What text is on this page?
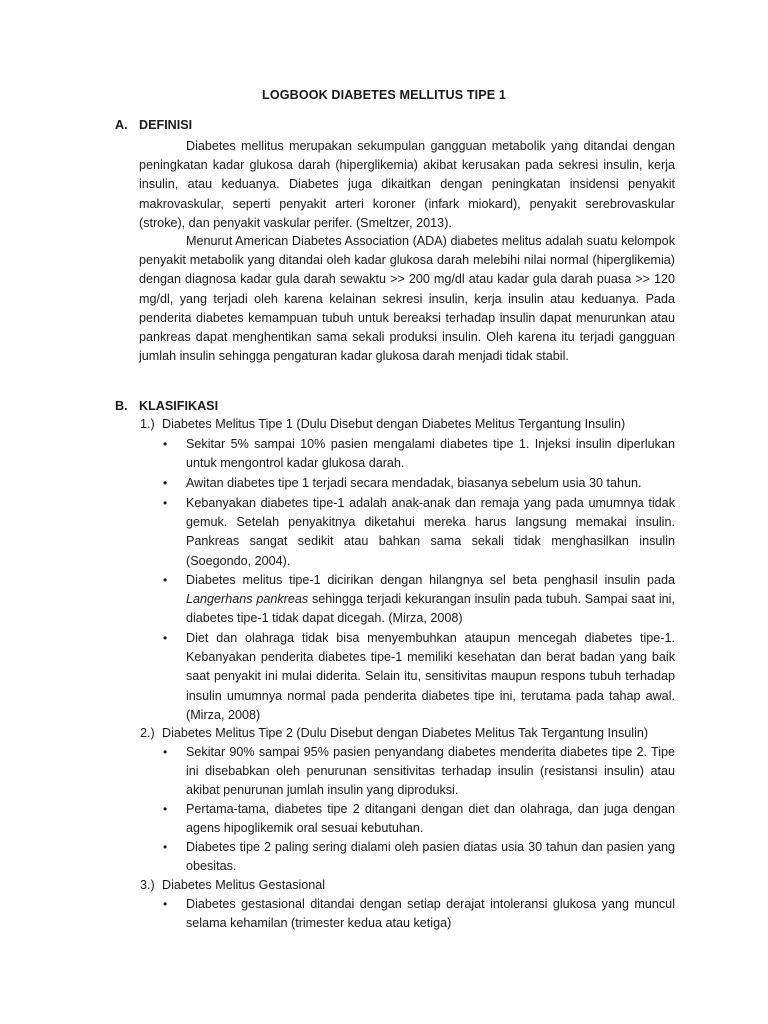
LOGBOOK DIABETES MELLITUS TIPE 1
A. DEFINISI

Diabetes mellitus merupakan sekumpulan gangguan metabolik yang ditandai dengan peningkatan kadar glukosa darah (hiperglikemia) akibat kerusakan pada sekresi insulin, kerja insulin, atau keduanya. Diabetes juga dikaitkan dengan peningkatan insidensi penyakit makrovaskular, seperti penyakit arteri koroner (infark miokard), penyakit serebrovaskular (stroke), dan penyakit vaskular perifer. (Smeltzer, 2013).

Menurut American Diabetes Association (ADA) diabetes melitus adalah suatu kelompok penyakit metabolik yang ditandai oleh kadar glukosa darah melebihi nilai normal (hiperglikemia) dengan diagnosa kadar gula darah sewaktu >> 200 mg/dl atau kadar gula darah puasa >> 120 mg/dl, yang terjadi oleh karena kelainan sekresi insulin, kerja insulin atau keduanya. Pada penderita diabetes kemampuan tubuh untuk bereaksi terhadap insulin dapat menurunkan atau pankreas dapat menghentikan sama sekali produksi insulin. Oleh karena itu terjadi gangguan jumlah insulin sehingga pengaturan kadar glukosa darah menjadi tidak stabil.

B. KLASIFIKASI
1.) Diabetes Melitus Tipe 1 (Dulu Disebut dengan Diabetes Melitus Tergantung Insulin)
•	Sekitar 5% sampai 10% pasien mengalami diabetes tipe 1. Injeksi insulin diperlukan untuk mengontrol kadar glukosa darah.
•	Awitan diabetes tipe 1 terjadi secara mendadak, biasanya sebelum usia 30 tahun.
•	Kebanyakan diabetes tipe-1 adalah anak-anak dan remaja yang pada umumnya tidak gemuk. Setelah penyakitnya diketahui mereka harus langsung memakai insulin. Pankreas sangat sedikit atau bahkan sama sekali tidak menghasilkan insulin (Soegondo, 2004).
•	Diabetes melitus tipe-1 dicirikan dengan hilangnya sel beta penghasil insulin pada Langerhans pankreas sehingga terjadi kekurangan insulin pada tubuh. Sampai saat ini, diabetes tipe-1 tidak dapat dicegah. (Mirza, 2008)
•	Diet dan olahraga tidak bisa menyembuhkan ataupun mencegah diabetes tipe-1. Kebanyakan penderita diabetes tipe-1 memiliki kesehatan dan berat badan yang baik saat penyakit ini mulai diderita. Selain itu, sensitivitas maupun respons tubuh terhadap insulin umumnya normal pada penderita diabetes tipe ini, terutama pada tahap awal. (Mirza, 2008)
2.) Diabetes Melitus Tipe 2 (Dulu Disebut dengan Diabetes Melitus Tak Tergantung Insulin)
•	Sekitar 90% sampai 95% pasien penyandang diabetes menderita diabetes tipe 2. Tipe ini disebabkan oleh penurunan sensitivitas terhadap insulin (resistansi insulin) atau akibat penurunan jumlah insulin yang diproduksi.
•	Pertama-tama, diabetes tipe 2 ditangani dengan diet dan olahraga, dan juga dengan agens hipoglikemik oral sesuai kebutuhan.
•	Diabetes tipe 2 paling sering dialami oleh pasien diatas usia 30 tahun dan pasien yang obesitas.
3.) Diabetes Melitus Gestasional
•	Diabetes gestasional ditandai dengan setiap derajat intoleransi glukosa yang muncul selama kehamilan (trimester kedua atau ketiga)
